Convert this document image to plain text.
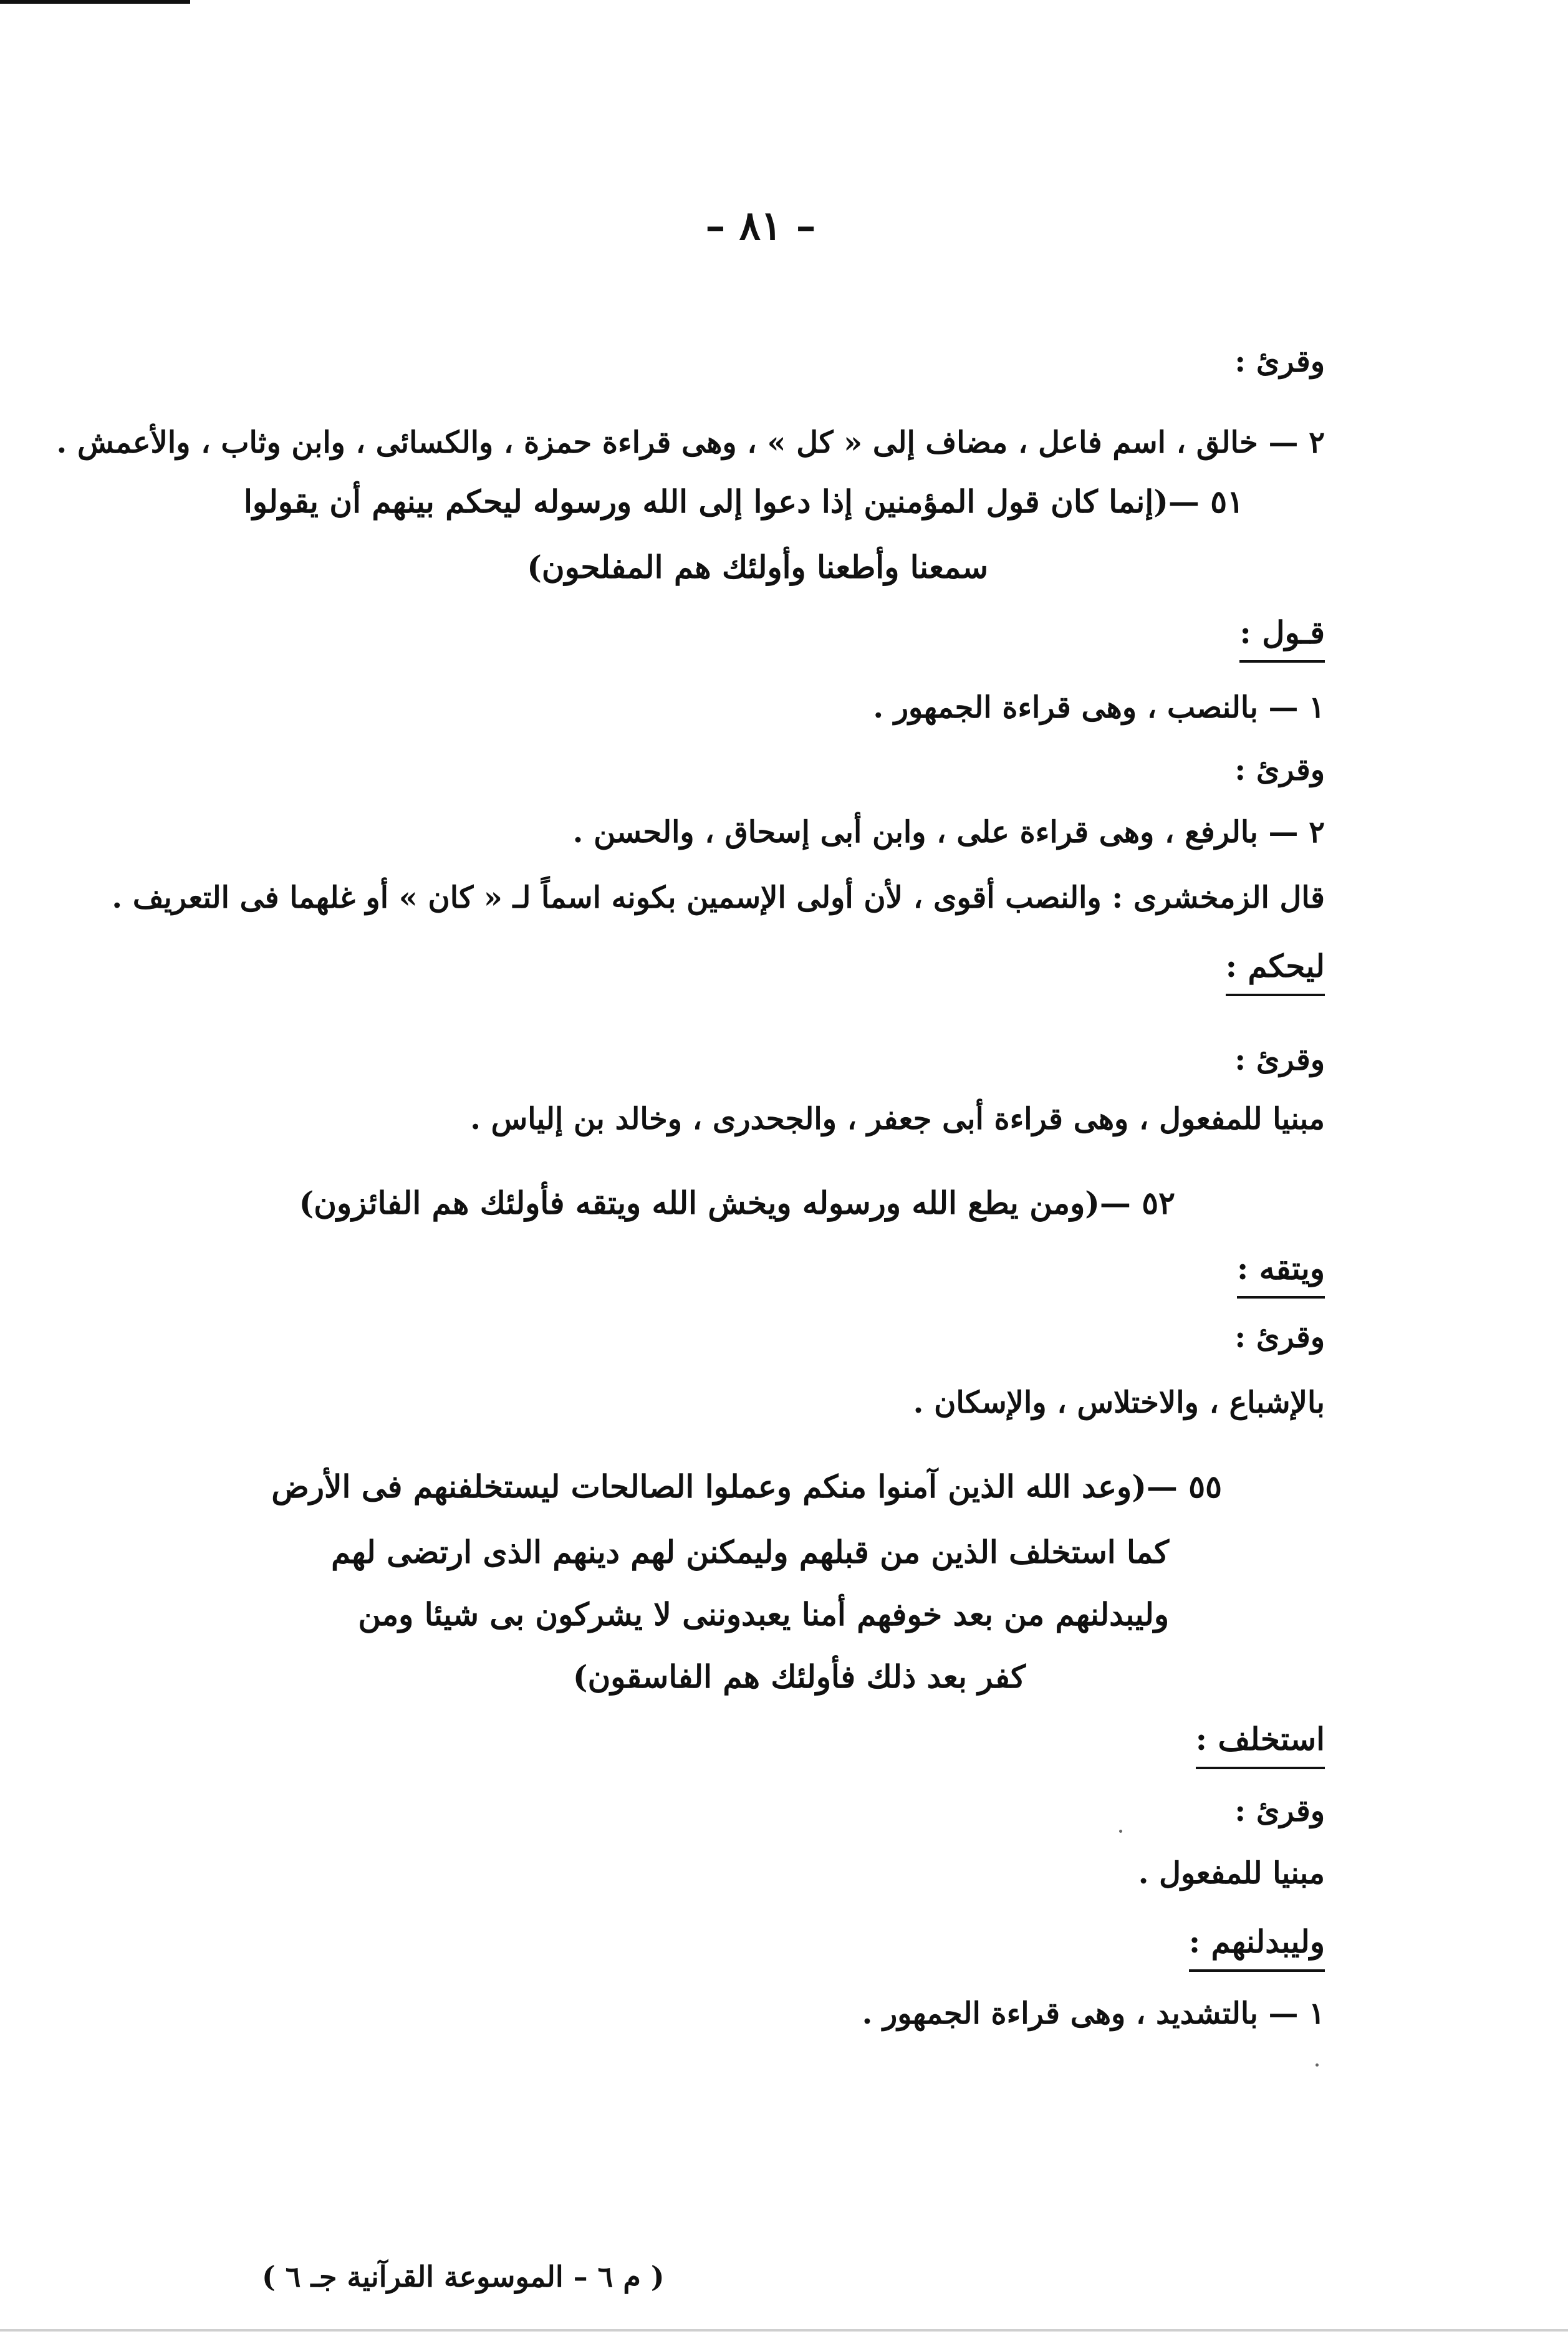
– ٨١ –
وقرئ :
٢ — خالق ، اسم فاعل ، مضاف إلى « كل » ، وهى قراءة حمزة ، والكسائى ، وابن وثاب ، والأعمش .
٥١ —(إنما كان قول المؤمنين إذا دعوا إلى الله ورسوله ليحكم بينهم أن يقولوا
سمعنا وأطعنا وأولئك هم المفلحون)
قـول :
١ — بالنصب ، وهى قراءة الجمهور .
وقرئ :
٢ — بالرفع ، وهى قراءة على ، وابن أبى إسحاق ، والحسن .
قال الزمخشرى : والنصب أقوى ، لأن أولى الإسمين بكونه اسماً لـ « كان » أو غلهما فى التعريف .
ليحكم :
وقرئ :
مبنيا للمفعول ، وهى قراءة أبى جعفر ، والجحدرى ، وخالد بن إلياس .
٥٢ —(ومن يطع الله ورسوله ويخش الله ويتقه فأولئك هم الفائزون)
ويتقه :
وقرئ :
بالإشباع ، والاختلاس ، والإسكان .
٥٥ —(وعد الله الذين آمنوا منكم وعملوا الصالحات ليستخلفنهم فى الأرض
كما استخلف الذين من قبلهم وليمكنن لهم دينهم الذى ارتضى لهم
وليبدلنهم من بعد خوفهم أمنا يعبدوننى لا يشركون بى شيئا ومن
كفر بعد ذلك فأولئك هم الفاسقون)
استخلف :
وقرئ :
مبنيا للمفعول .
وليبدلنهم :
١ — بالتشديد ، وهى قراءة الجمهور .
( م ٦ – الموسوعة القرآنية جـ ٦ )
